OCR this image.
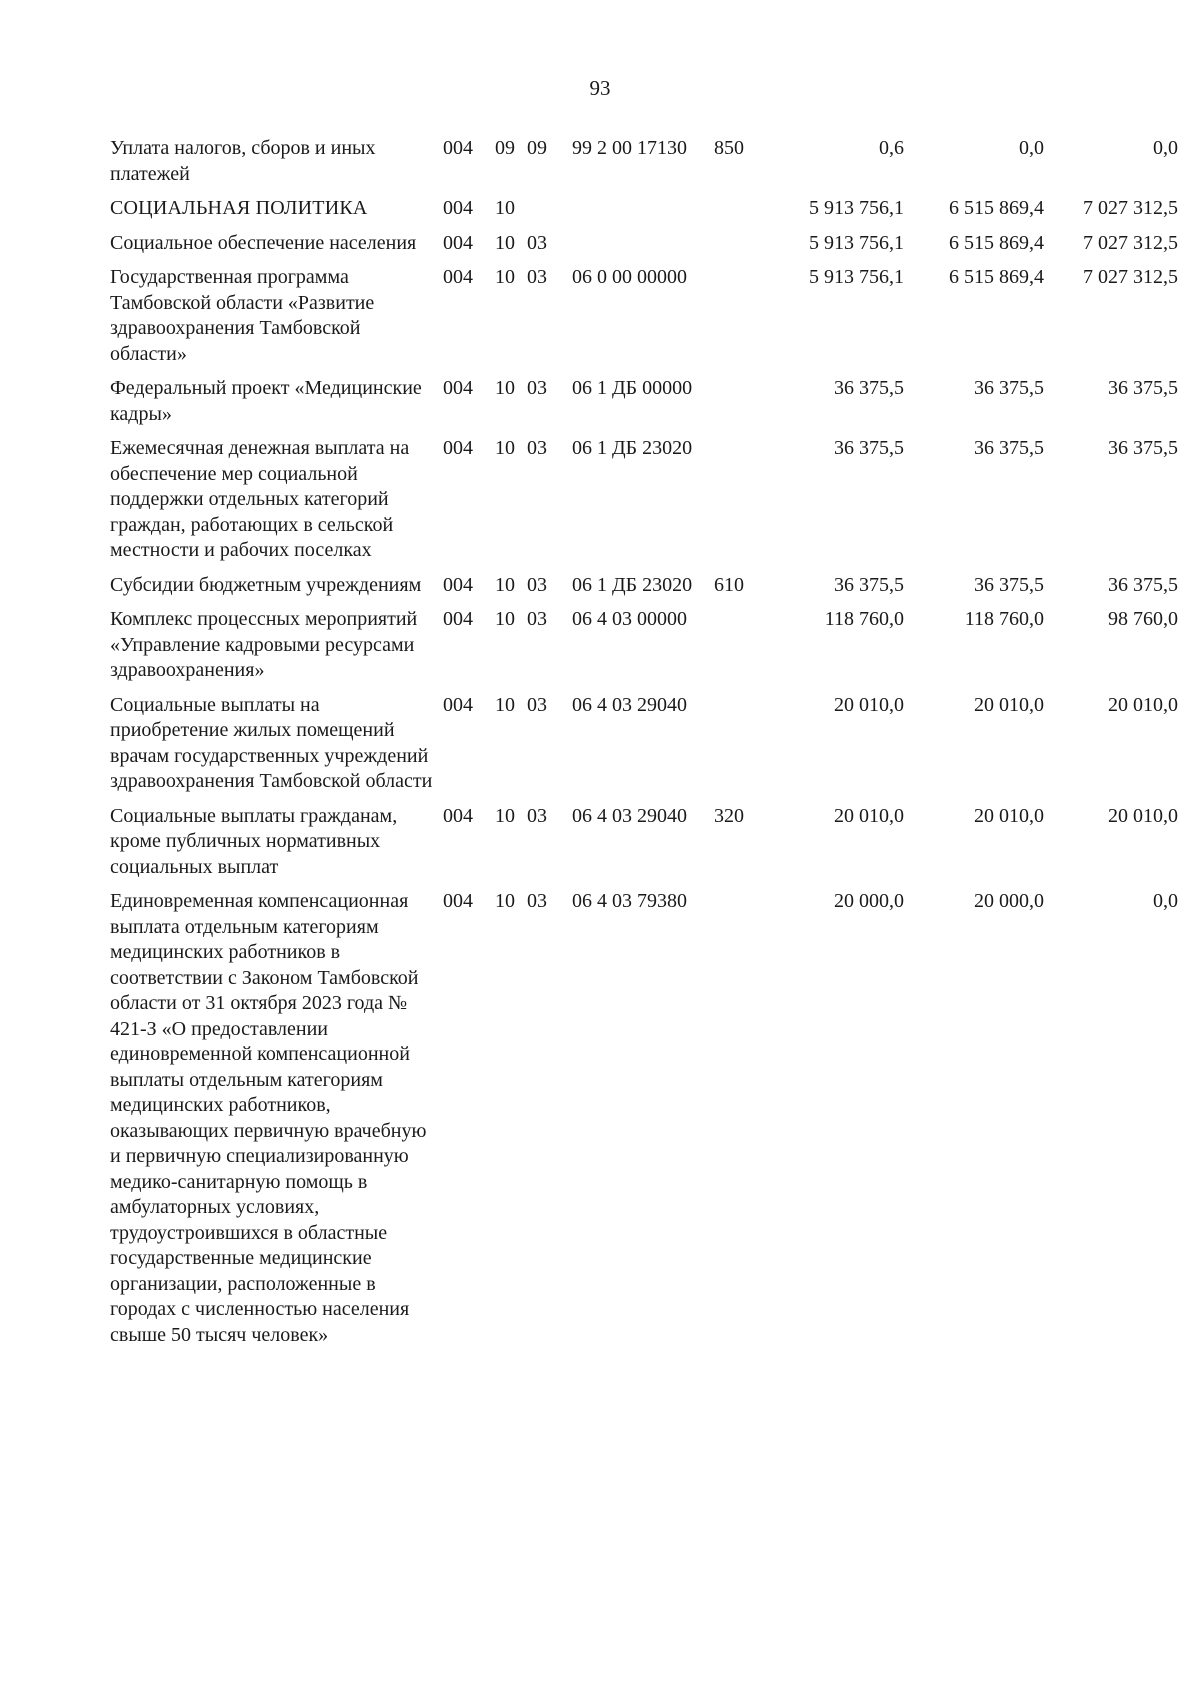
93
Уплата налогов, сборов и иных платежей	004	09	09	99 2 00 17130	850	0,6	0,0	0,0
СОЦИАЛЬНАЯ ПОЛИТИКА	004	10				5 913 756,1	6 515 869,4	7 027 312,5
Социальное обеспечение населения	004	10	03			5 913 756,1	6 515 869,4	7 027 312,5
Государственная программа Тамбовской области «Развитие здравоохранения Тамбовской области»	004	10	03	06 0 00 00000		5 913 756,1	6 515 869,4	7 027 312,5
Федеральный проект «Медицинские кадры»	004	10	03	06 1 ДБ 00000		36 375,5	36 375,5	36 375,5
Ежемесячная денежная выплата на обеспечение мер социальной поддержки отдельных категорий граждан, работающих в сельской местности и рабочих поселках	004	10	03	06 1 ДБ 23020		36 375,5	36 375,5	36 375,5
Субсидии бюджетным учреждениям	004	10	03	06 1 ДБ 23020	610	36 375,5	36 375,5	36 375,5
Комплекс процессных мероприятий «Управление кадровыми ресурсами здравоохранения»	004	10	03	06 4 03 00000		118 760,0	118 760,0	98 760,0
Социальные выплаты на приобретение жилых помещений врачам государственных учреждений здравоохранения Тамбовской области	004	10	03	06 4 03 29040		20 010,0	20 010,0	20 010,0
Социальные выплаты гражданам, кроме публичных нормативных социальных выплат	004	10	03	06 4 03 29040	320	20 010,0	20 010,0	20 010,0
Единовременная компенсационная выплата отдельным категориям медицинских работников в соответствии с Законом Тамбовской области от 31 октября 2023 года № 421-З «О предоставлении единовременной компенсационной выплаты отдельным категориям медицинских работников, оказывающих первичную врачебную и первичную специализированную медико-санитарную помощь в амбулаторных условиях, трудоустроившихся в областные государственные медицинские организации, расположенные в городах с численностью населения свыше 50 тысяч человек»	004	10	03	06 4 03 79380		20 000,0	20 000,0	0,0
